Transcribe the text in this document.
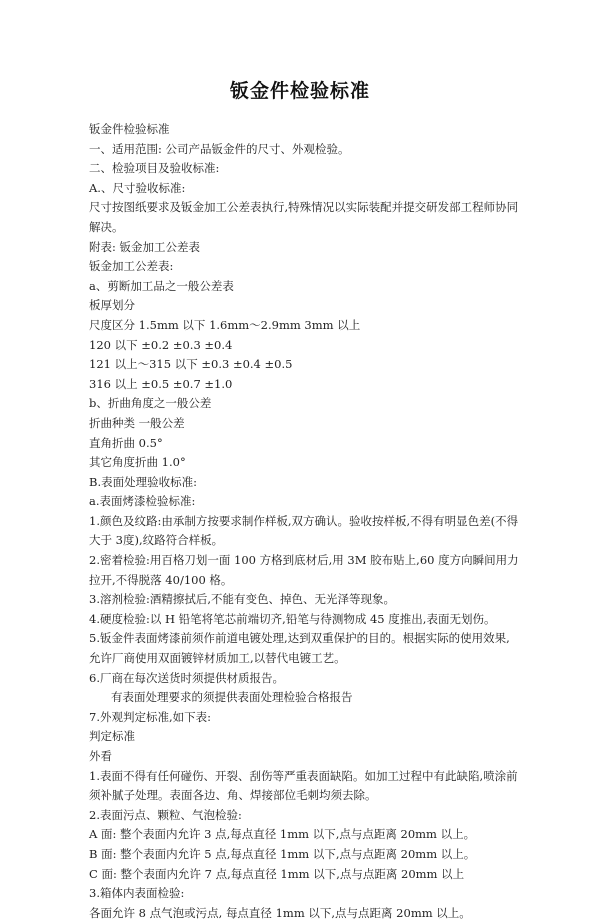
钣金件检验标准

钣金件检验标准

一、适用范围: 公司产品钣金件的尺寸、外观检验。

二、检验项目及验收标准:

A.、尺寸验收标准:

尺寸按图纸要求及钣金加工公差表执行,特殊情况以实际装配并提交研发部工程师协同解决。

附表: 钣金加工公差表

钣金加工公差表:

a、剪断加工品之一般公差表

板厚划分

尺度区分 1.5mm 以下 1.6mm～2.9mm 3mm 以上

120 以下 ±0.2 ±0.3 ±0.4

121 以上～315 以下 ±0.3 ±0.4 ±0.5

316 以上 ±0.5 ±0.7 ±1.0

b、折曲角度之一般公差

折曲种类 一般公差

直角折曲 0.5°

其它角度折曲 1.0°

B.表面处理验收标准:

a.表面烤漆检验标准:

1.颜色及纹路:由承制方按要求制作样板,双方确认。验收按样板,不得有明显色差(不得大于 3度),纹路符合样板。

2.密着检验:用百格刀划一面 100 方格到底材后,用 3M 胶布贴上,60 度方向瞬间用力拉开,不得脱落 40/100 格。

3.溶剂检验:酒精擦拭后,不能有变色、掉色、无光泽等现象。

4.硬度检验:以 H 铅笔将笔芯前端切齐,铅笔与待测物成 45 度推出,表面无划伤。

5.钣金件表面烤漆前须作前道电镀处理,达到双重保护的目的。根据实际的使用效果,允许厂商使用双面镀锌材质加工,以替代电镀工艺。

6.厂商在每次送货时须提供材质报告。

有表面处理要求的须提供表面处理检验合格报告

7.外观判定标准,如下表:

判定标准

外看

1.表面不得有任何碰伤、开裂、刮伤等严重表面缺陷。如加工过程中有此缺陷,喷涂前须补腻子处理。表面各边、角、焊接部位毛刺均须去除。

2.表面污点、颗粒、气泡检验:

A 面: 整个表面内允许 3 点,每点直径 1mm 以下,点与点距离 20mm 以上。

B 面: 整个表面内允许 5 点,每点直径 1mm 以下,点与点距离 20mm 以上。

C 面: 整个表面内允许 7 点,每点直径 1mm 以下,点与点距离 20mm 以上

3.箱体内表面检验:

各面允许 8 点气泡或污点, 每点直径 1mm 以下,点与点距离 20mm 以上。
